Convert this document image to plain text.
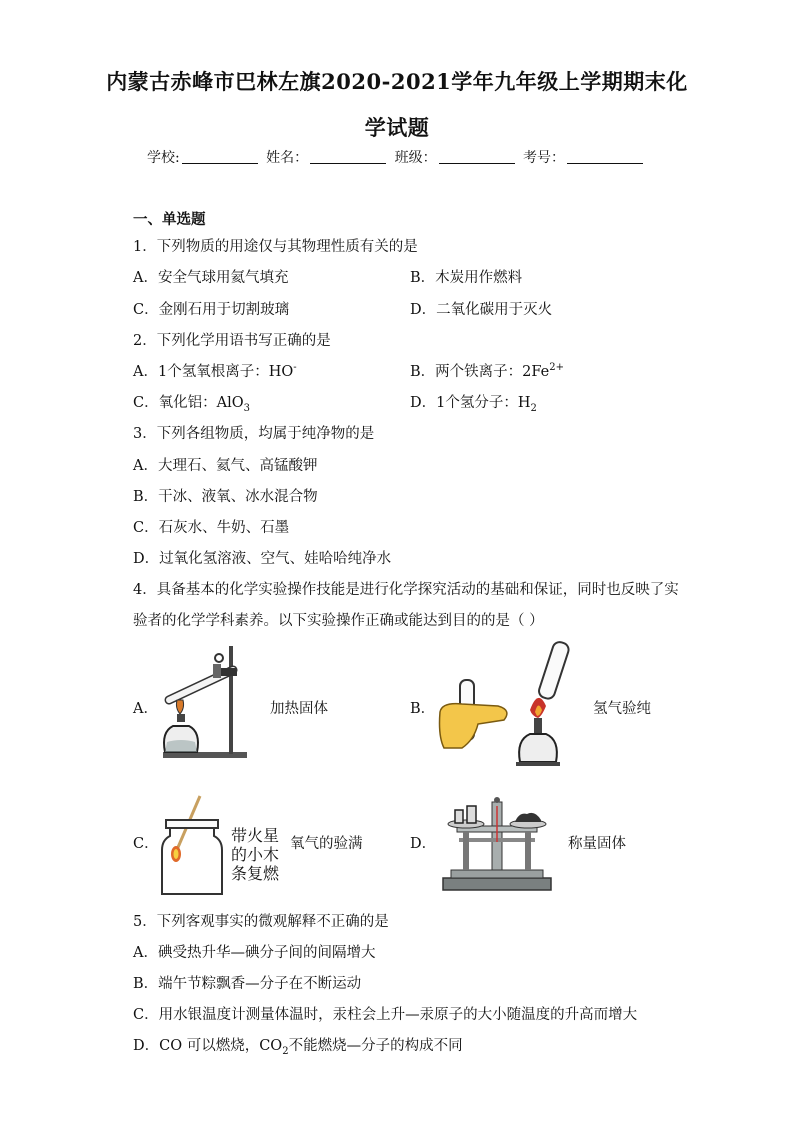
内蒙古赤峰市巴林左旗2020-2021学年九年级上学期期末化
学试题
学校:	姓名：	班级：	考号：
一、单选题
1．下列物质的用途仅与其物理性质有关的是
A．安全气球用氦气填充	B．木炭用作燃料
C．金刚石用于切割玻璃	D．二氧化碳用于灭火
2．下列化学用语书写正确的是
A．1个氢氧根离子：HO-	B．两个铁离子：$2Fe^{2+}$
C．氧化铝：AlO$_3$	D．1个氢分子：$H_2$
3．下列各组物质，均属于纯净物的是
A．大理石、氦气、高锰酸钾
B．干冰、液氧、冰水混合物
C．石灰水、牛奶、石墨
D．过氧化氢溶液、空气、娃哈哈纯净水
4．具备基本的化学实验操作技能是进行化学探究活动的基础和保证，同时也反映了实
验者的化学学科素养。以下实验操作正确或能达到目的的是（ ）
A．	加热固体	B．	氢气验纯
C．	带火星
的小木
条复燃
氧气的验满	D．	称量固体
5．下列客观事实的微观解释不正确的是
A．碘受热升华—碘分子间的间隔增大
B．端午节粽飘香—分子在不断运动
C．用水银温度计测量体温时，汞柱会上升—汞原子的大小随温度的升高而增大
D．CO 可以燃烧，$CO_2$不能燃烧—分子的构成不同
